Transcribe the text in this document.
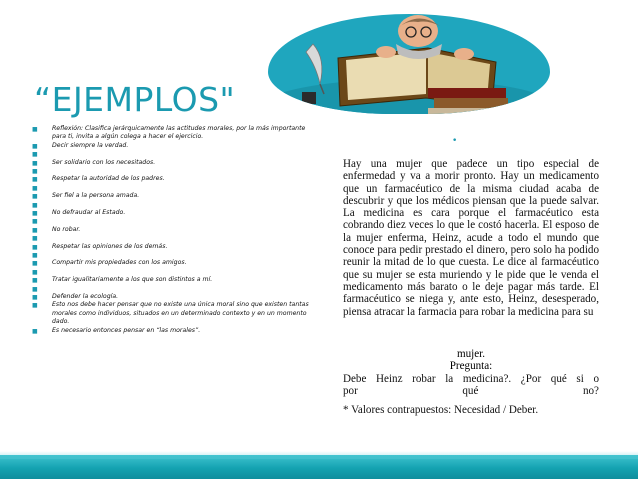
“EJEMPLOS"
■ Reflexión: Clasifica jerárquicamente las actitudes morales, por la más importante para ti, invita a algún colega a hacer el ejercicio.
■ Decir siempre la verdad.
■
■ Ser solidario con los necesitados.
■
■ Respetar la autoridad de los padres.
■
■ Ser fiel a la persona amada.
■
■ No defraudar al Estado.
■
■ No robar.
■
■ Respetar las opiniones de los demás.
■
■ Compartir mis propiedades con los amigos.
■
■ Tratar igualitariamente a los que son distintos a mí.
■
■ Defender la ecología.
■ Esto nos debe hacer pensar que no existe una única moral sino que existen tantas morales como individuos, situados en un determinado contexto y en un momento dado.
■ Es necesario entonces pensar en “las morales”.
•

Hay una mujer que padece un tipo especial de enfermedad y va a morir pronto. Hay un medicamento que un farmacéutico de la misma ciudad acaba de descubrir y que los médicos piensan que la puede salvar. La medicina es cara porque el farmacéutico esta cobrando diez veces lo que le costó hacerla. El esposo de la mujer enferma, Heinz, acude a todo el mundo que conoce para pedir prestado el dinero, pero solo ha podido reunir la mitad de lo que cuesta. Le dice al farmacéutico que su mujer se esta muriendo y le pide que le venda el medicamento más barato o le deje pagar más tarde. El farmacéutico se niega y, ante esto, Heinz, desesperado, piensa atracar la farmacia para robar la medicina para su

mujer.
Pregunta:
Debe Heinz robar la medicina?. ¿Por qué si o
por	qué	no?

* Valores contrapuestos: Necesidad / Deber.
